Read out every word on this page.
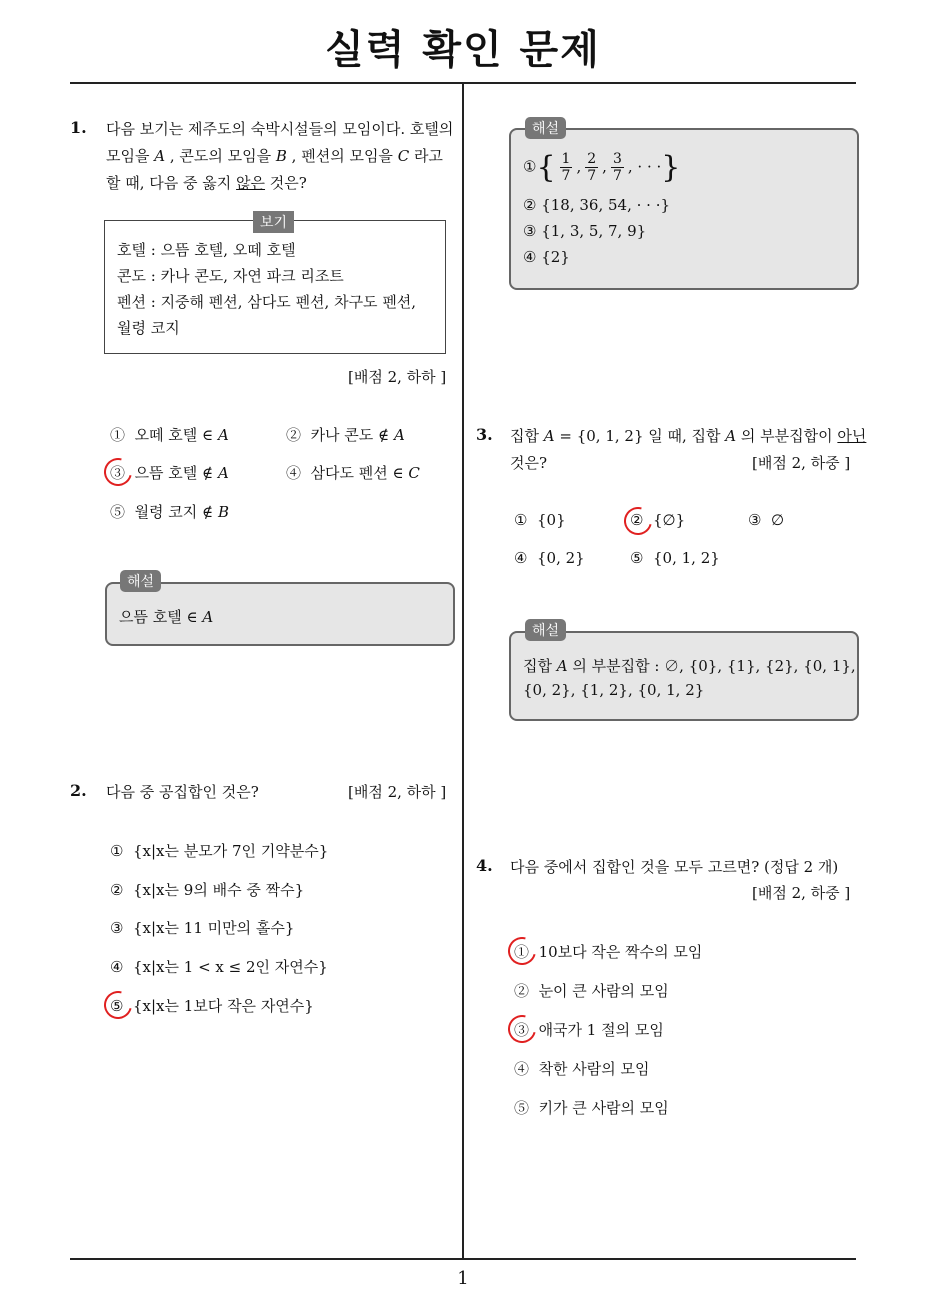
실력 확인 문제
1
1. 다음 보기는 제주도의 숙박시설들의 모임이다. 호텔의
모임을 A , 콘도의 모임을 B , 펜션의 모임을 C 라고
할 때, 다음 중 옳지 않은 것은?
호텔 : 으뜸 호텔, 오떼 호텔
콘도 : 카나 콘도, 자연 파크 리조트
펜션 : 지중해 펜션, 삼다도 펜션, 차구도 펜션,
월령 코지
보기
[배점 2, 하하 ]
① 오떼 호텔 ∈ A	② 카나 콘도 ∉ A
③ 으뜸 호텔 ∉ A	④ 삼다도 펜션 ∈ C
⑤ 월령 코지 ∉ B
으뜸 호텔 ∈ A
해설
2. 다음 중 공집합인 것은?	[배점 2, 하하 ]
① {x|x는 분모가 7인 기약분수}
② {x|x는 9의 배수 중 짝수}
③ {x|x는 11 미만의 홀수}
④ {x|x는 1 < x ≤ 2인 자연수}
⑤ {x|x는 1보다 작은 자연수}
①{ $\frac{1}{7}$ , $\frac{2}{7}$ , $\frac{3}{7}$ , · · ·}
② {18, 36, 54, · · ·}
③ {1, 3, 5, 7, 9}
④ {2}
해설
3. 집합 A = {0, 1, 2} 일 때, 집합 A 의 부분집합이 아닌
것은?	[배점 2, 하중 ]
① {0}	② {∅}	③ ∅
④ {0, 2}	⑤ {0, 1, 2}
집합 A 의 부분집합 : ∅, {0}, {1}, {2}, {0, 1},
{0, 2}, {1, 2}, {0, 1, 2}
해설
4. 다음 중에서 집합인 것을 모두 고르면? (정답 2 개)
[배점 2, 하중 ]
① 10보다 작은 짝수의 모임
② 눈이 큰 사람의 모임
③ 애국가 1 절의 모임
④ 착한 사람의 모임
⑤ 키가 큰 사람의 모임
